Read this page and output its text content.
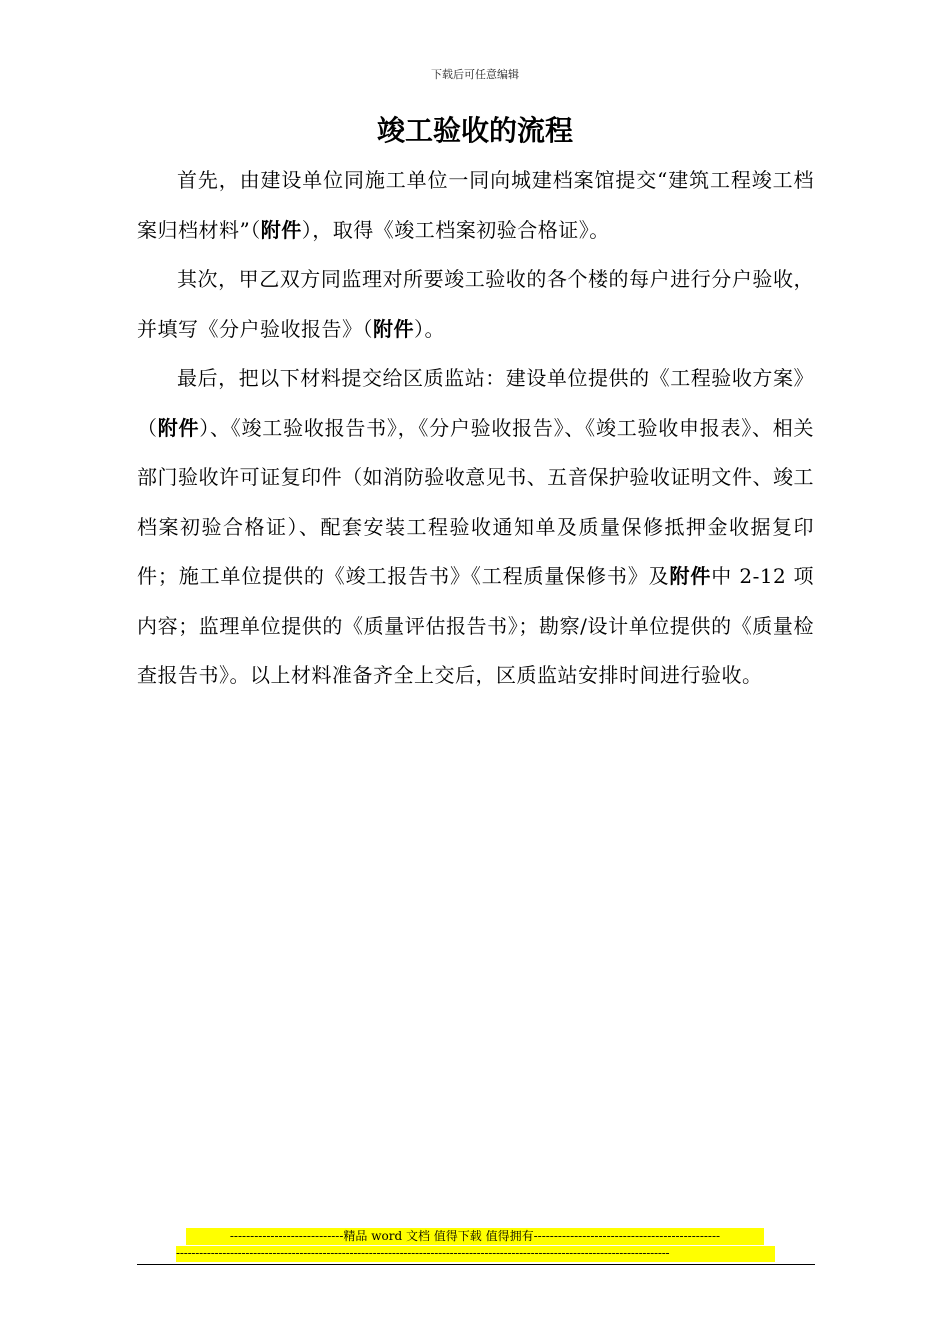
下载后可任意编辑
竣工验收的流程

首先，由建设单位同施工单位一同向城建档案馆提交“建筑工程竣工档案归档材料”（附件），取得《竣工档案初验合格证》。

其次，甲乙双方同监理对所要竣工验收的各个楼的每户进行分户验收，并填写《分户验收报告》（附件）。

最后，把以下材料提交给区质监站：建设单位提供的《工程验收方案》（附件）、《竣工验收报告书》，《分户验收报告》、《竣工验收申报表》、相关部门验收许可证复印件（如消防验收意见书、五音保护验收证明文件、竣工档案初验合格证）、配套安装工程验收通知单及质量保修抵押金收据复印件；施工单位提供的《竣工报告书》《工程质量保修书》及附件中 2-12 项内容；监理单位提供的《质量评估报告书》；勘察/设计单位提供的《质量检查报告书》。以上材料准备齐全上交后，区质监站安排时间进行验收。

----------------------------精品 word 文档 值得下载 值得拥有----------------------------------------------
--------------------------------------------------------------------------------------------------------------------------------
